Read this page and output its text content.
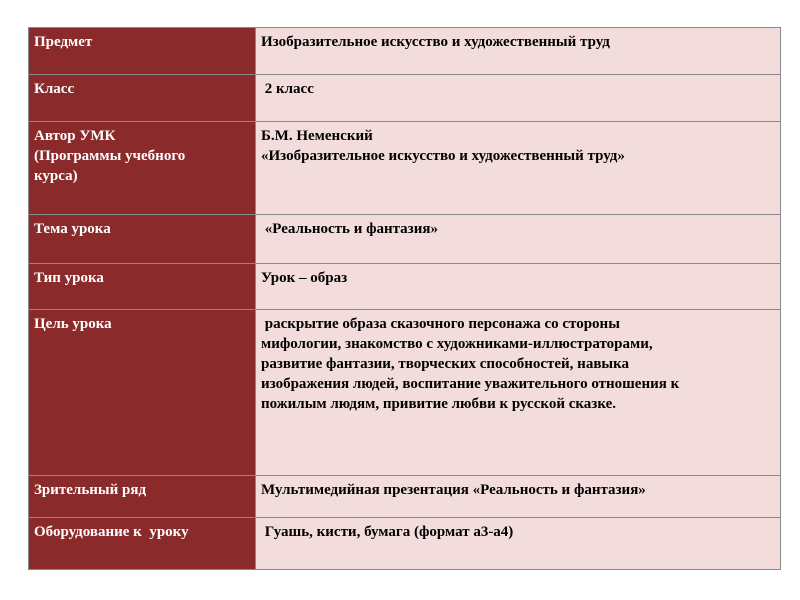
Предмет	Изобразительное искусство и художественный труд
Класс	2 класс

Автор УМК
(Программы учебного
курса)	Б.М. Неменский
«Изобразительное искусство и художественный труд»

Тема урока	«Реальность и фантазия»

Тип урока	Урок – образ
Цель урока	раскрытие образа сказочного персонажа со стороны
мифологии, знакомство с художниками-иллюстраторами,
развитие фантазии, творческих способностей, навыка
изображения людей, воспитание уважительного отношения к
пожилым людям, привитие любви к русской сказке.

Зрительный ряд	Мультимедийная презентация «Реальность и фантазия»

Оборудование к  уроку	Гуашь, кисти, бумага (формат а3-а4)
